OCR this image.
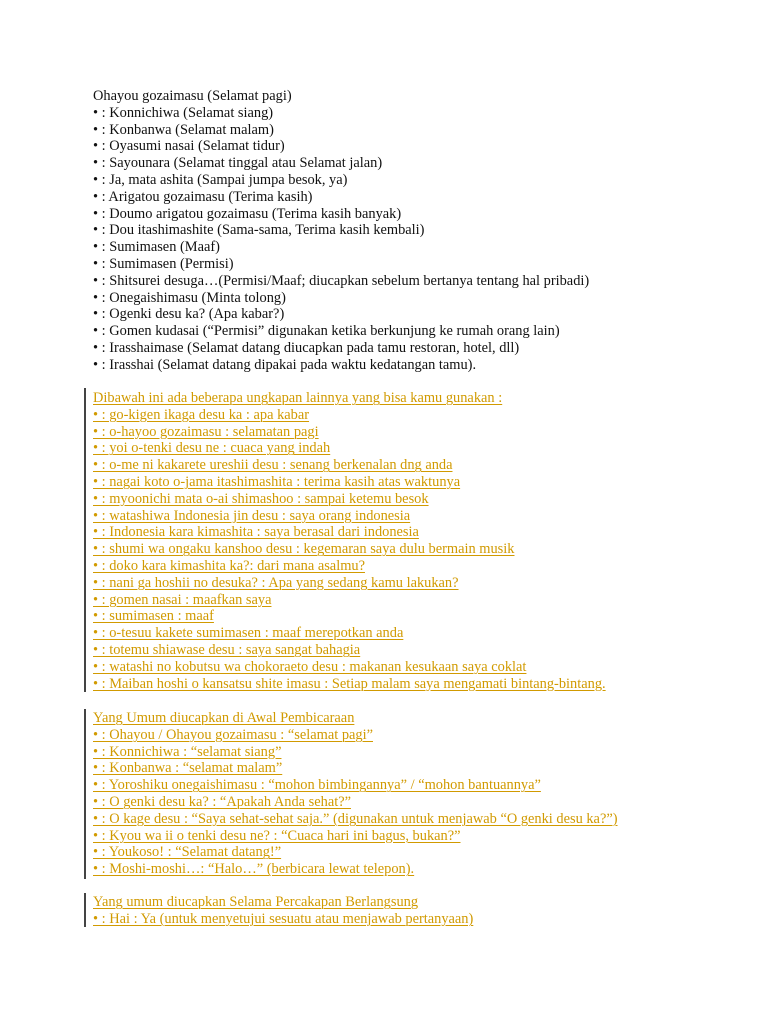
Ohayou gozaimasu (Selamat pagi)
• : Konnichiwa (Selamat siang)
• : Konbanwa (Selamat malam)
• : Oyasumi nasai (Selamat tidur)
• : Sayounara (Selamat tinggal atau Selamat jalan)
• : Ja, mata ashita (Sampai jumpa besok, ya)
• : Arigatou gozaimasu (Terima kasih)
• : Doumo arigatou gozaimasu (Terima kasih banyak)
• : Dou itashimashite (Sama-sama, Terima kasih kembali)
• : Sumimasen (Maaf)
• : Sumimasen (Permisi)
• : Shitsurei desuga…(Permisi/Maaf; diucapkan sebelum bertanya tentang hal pribadi)
• : Onegaishimasu (Minta tolong)
• : Ogenki desu ka? (Apa kabar?)
• : Gomen kudasai (“Permisi” digunakan ketika berkunjung ke rumah orang lain)
• : Irasshaimase (Selamat datang diucapkan pada tamu restoran, hotel, dll)
• : Irasshai (Selamat datang dipakai pada waktu kedatangan tamu).
Dibawah ini ada beberapa ungkapan lainnya yang bisa kamu gunakan :
• : go-kigen ikaga desu ka : apa kabar
• : o-hayoo gozaimasu : selamatan pagi
• : yoi o-tenki desu ne : cuaca yang indah
• : o-me ni kakarete ureshii desu : senang berkenalan dng anda
• : nagai koto o-jama itashimashita : terima kasih atas waktunya
• : myoonichi mata o-ai shimashoo : sampai ketemu besok
• : watashiwa Indonesia jin desu : saya orang indonesia
• : Indonesia kara kimashita : saya berasal dari indonesia
• : shumi wa ongaku kanshoo desu : kegemaran saya dulu bermain musik
• : doko kara kimashita ka?: dari mana asalmu?
• : nani ga hoshii no desuka? : Apa yang sedang kamu lakukan?
• : gomen nasai : maafkan saya
• : sumimasen : maaf
• : o-tesuu kakete sumimasen : maaf merepotkan anda
• : totemu shiawase desu : saya sangat bahagia
• : watashi no kobutsu wa chokoraeto desu : makanan kesukaan saya coklat
• : Maiban hoshi o kansatsu shite imasu : Setiap malam saya mengamati bintang-bintang.
Yang Umum diucapkan di Awal Pembicaraan
• : Ohayou / Ohayou gozaimasu : “selamat pagi”
• : Konnichiwa : “selamat siang”
• : Konbanwa : “selamat malam”
• : Yoroshiku onegaishimasu : “mohon bimbingannya” / “mohon bantuannya”
• : O genki desu ka? : “Apakah Anda sehat?”
• : O kage desu : “Saya sehat-sehat saja.” (digunakan untuk menjawab “O genki desu ka?”)
• : Kyou wa ii o tenki desu ne? : “Cuaca hari ini bagus, bukan?”
• : Youkoso! : “Selamat datang!”
• : Moshi-moshi…: “Halo…” (berbicara lewat telepon).
Yang umum diucapkan Selama Percakapan Berlangsung
• : Hai : Ya (untuk menyetujui sesuatu atau menjawab pertanyaan)
